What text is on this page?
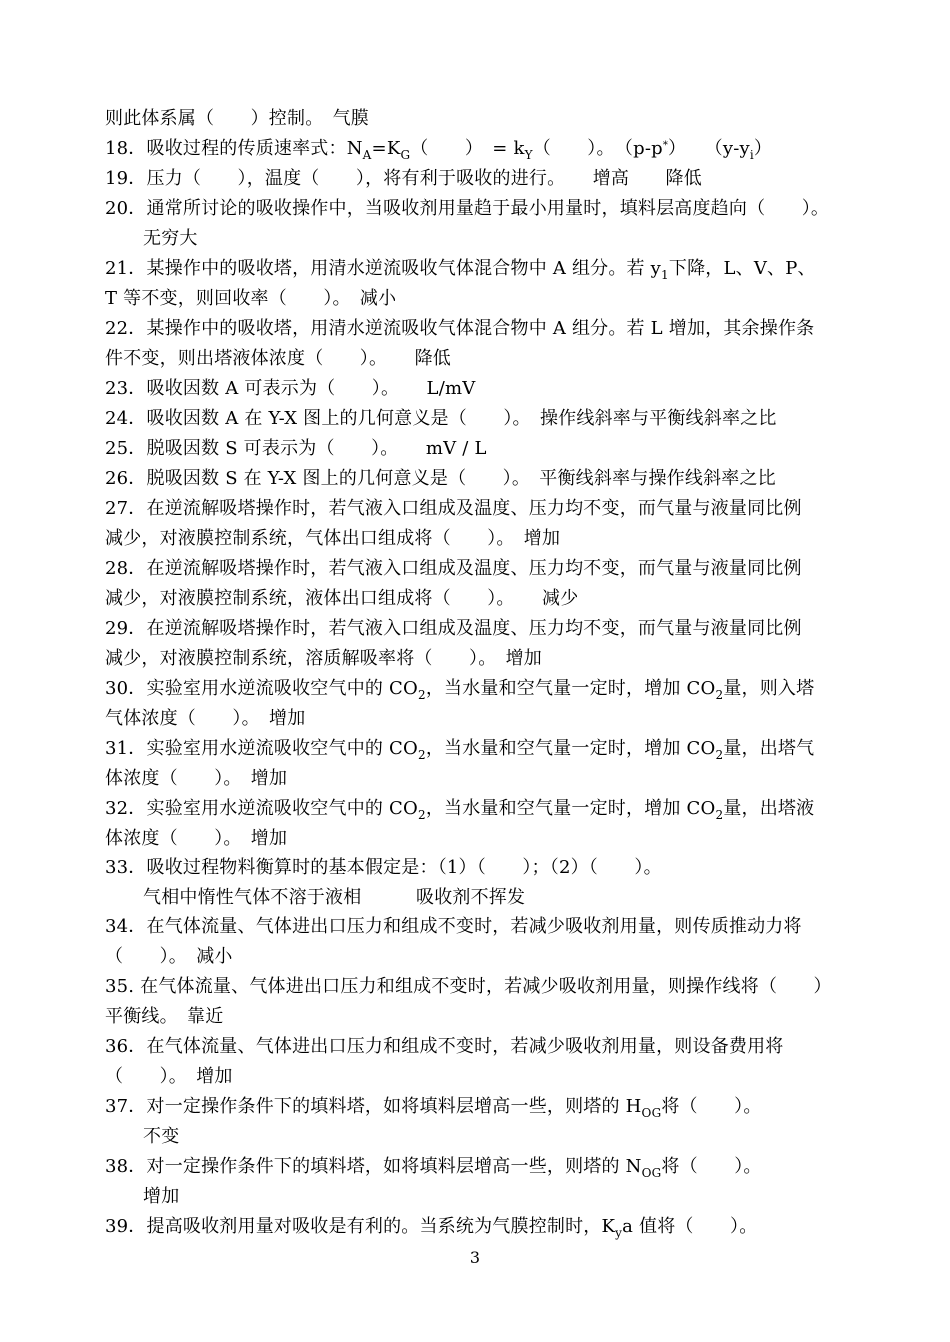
则此体系属（　　）控制。　气膜
18．吸收过程的传质速率式：$N_A=K_G$（　　）　= $k_Y$（　　）。　（p-p*）　　$(y-y_i)$
19．压力（　　），温度（　　），将有利于吸收的进行。　　增高　　降低
20．通常所讨论的吸收操作中，当吸收剂用量趋于最小用量时，填料层高度趋向（　　）。
无穷大
21．某操作中的吸收塔，用清水逆流吸收气体混合物中 A 组分。若 $y_1$下降，L、V、P、
T 等不变，则回收率（　　）。　减小
22．某操作中的吸收塔，用清水逆流吸收气体混合物中 A 组分。若 L 增加，其余操作条
件不变，则出塔液体浓度（　　）。　　降低
23．吸收因数 A 可表示为（　　）。　　L/mV
24．吸收因数 A 在 Y-X 图上的几何意义是（　　）。　操作线斜率与平衡线斜率之比
25．脱吸因数 S 可表示为（　　）。　　mV / L
26．脱吸因数 S 在 Y-X 图上的几何意义是（　　）。　平衡线斜率与操作线斜率之比
27．在逆流解吸塔操作时，若气液入口组成及温度、压力均不变，而气量与液量同比例
减少，对液膜控制系统，气体出口组成将（　　）。　增加
28．在逆流解吸塔操作时，若气液入口组成及温度、压力均不变，而气量与液量同比例
减少，对液膜控制系统，液体出口组成将（　　）。　　减少
29．在逆流解吸塔操作时，若气液入口组成及温度、压力均不变，而气量与液量同比例
减少，对液膜控制系统，溶质解吸率将（　　）。　增加
30．实验室用水逆流吸收空气中的 $CO_2$，当水量和空气量一定时，增加 $CO_2$量，则入塔
气体浓度（　　）。　增加
31．实验室用水逆流吸收空气中的 $CO_2$，当水量和空气量一定时，增加 $CO_2$量，出塔气
体浓度（　　）。　增加
32．实验室用水逆流吸收空气中的 $CO_2$，当水量和空气量一定时，增加 $CO_2$量，出塔液
体浓度（　　）。　增加
33．吸收过程物料衡算时的基本假定是：（1）（　　）；（2）（　　）。
气相中惰性气体不溶于液相　　　吸收剂不挥发
34．在气体流量、气体进出口压力和组成不变时，若减少吸收剂用量，则传质推动力将
（　　）。　减小
35. 在气体流量、气体进出口压力和组成不变时，若减少吸收剂用量，则操作线将（　　）
平衡线。　靠近
36．在气体流量、气体进出口压力和组成不变时，若减少吸收剂用量，则设备费用将
（　　）。　增加
37．对一定操作条件下的填料塔，如将填料层增高一些，则塔的 $H_{OG}$将（　　）。
不变
38．对一定操作条件下的填料塔，如将填料层增高一些，则塔的 $N_{OG}$将（　　）。
增加
39．提高吸收剂用量对吸收是有利的。当系统为气膜控制时，$K_ya$ 值将（　　）。
3
